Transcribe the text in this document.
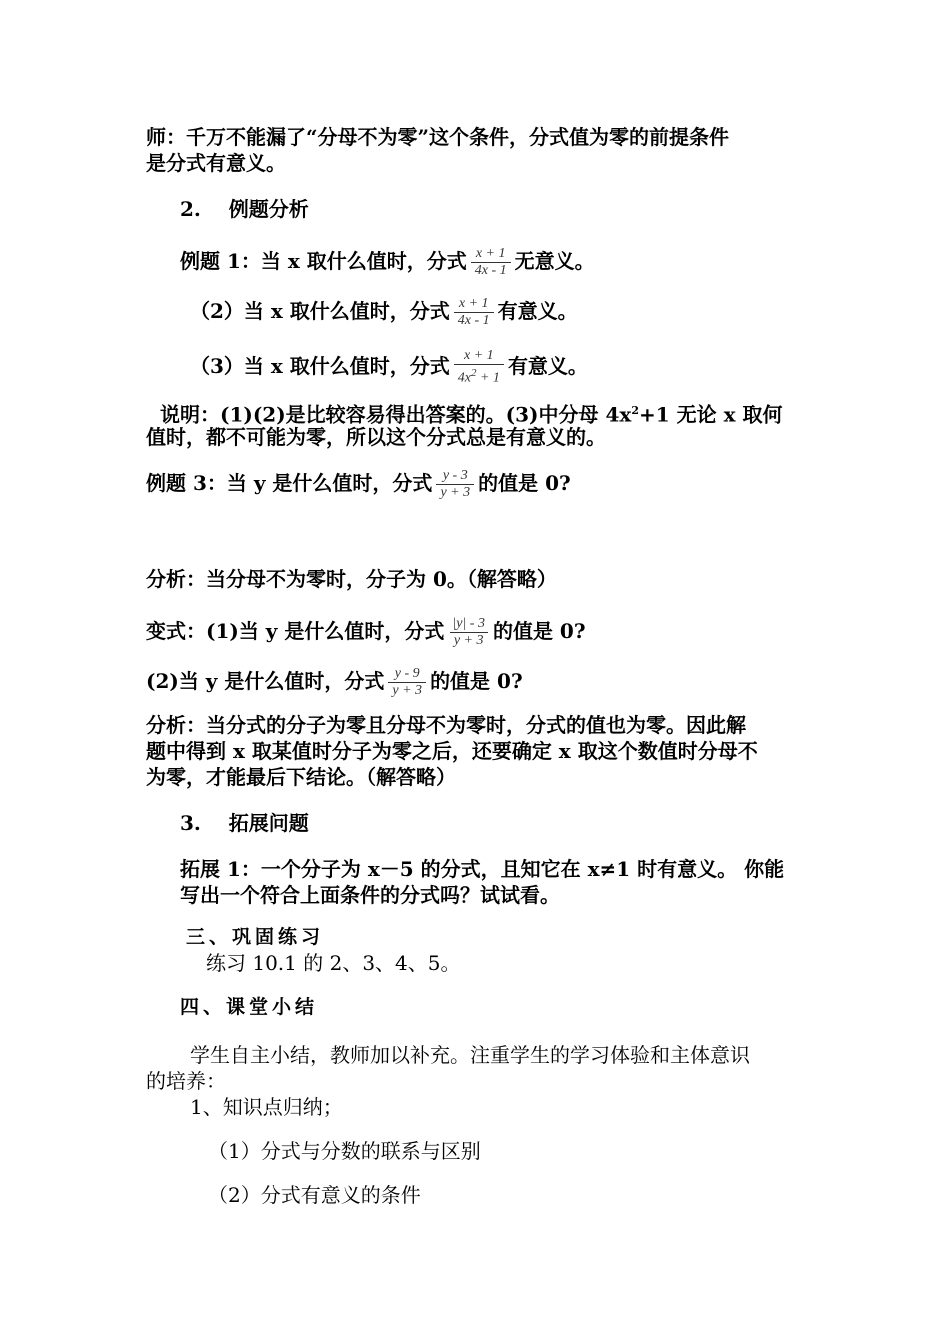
师：千万不能漏了“分母不为零”这个条件，分式值为零的前提条件
是分式有意义。
2.    例题分析
例题 1：当 x 取什么值时，分式 $\frac{x + 1}{4x - 1}$ 无意义。
（2）当 x 取什么值时，分式 $\frac{x + 1}{4x - 1}$ 有意义。
（3）当 x 取什么值时，分式 $\frac{x + 1}{4x^2 + 1}$ 有意义。
说明：(1)(2)是比较容易得出答案的。(3)中分母 $4x^2+1$ 无论 x 取何
值时，都不可能为零，所以这个分式总是有意义的。
例题 3：当 y 是什么值时，分式 $\frac{y - 3}{y + 3}$ 的值是 0?
分析：当分母不为零时，分子为 0。（解答略）
变式：(1)当 y 是什么值时，分式 $\frac{|y| - 3}{y + 3}$ 的值是 0?
(2)当 y 是什么值时，分式 $\frac{y - 9}{y + 3}$ 的值是 0?
分析：当分式的分子为零且分母不为零时，分式的值也为零。因此解
题中得到 x 取某值时分子为零之后，还要确定 x 取这个数值时分母不
为零，才能最后下结论。（解答略）
3.    拓展问题
拓展 1：一个分子为 x－5 的分式，且知它在 x≠1 时有意义。 你能
写出一个符合上面条件的分式吗？试试看。
三、巩固练习
练习 10.1 的 2、3、4、5。
四、课堂小结
学生自主小结，教师加以补充。注重学生的学习体验和主体意识
的培养：
1、知识点归纳；
（1）分式与分数的联系与区别
（2）分式有意义的条件
